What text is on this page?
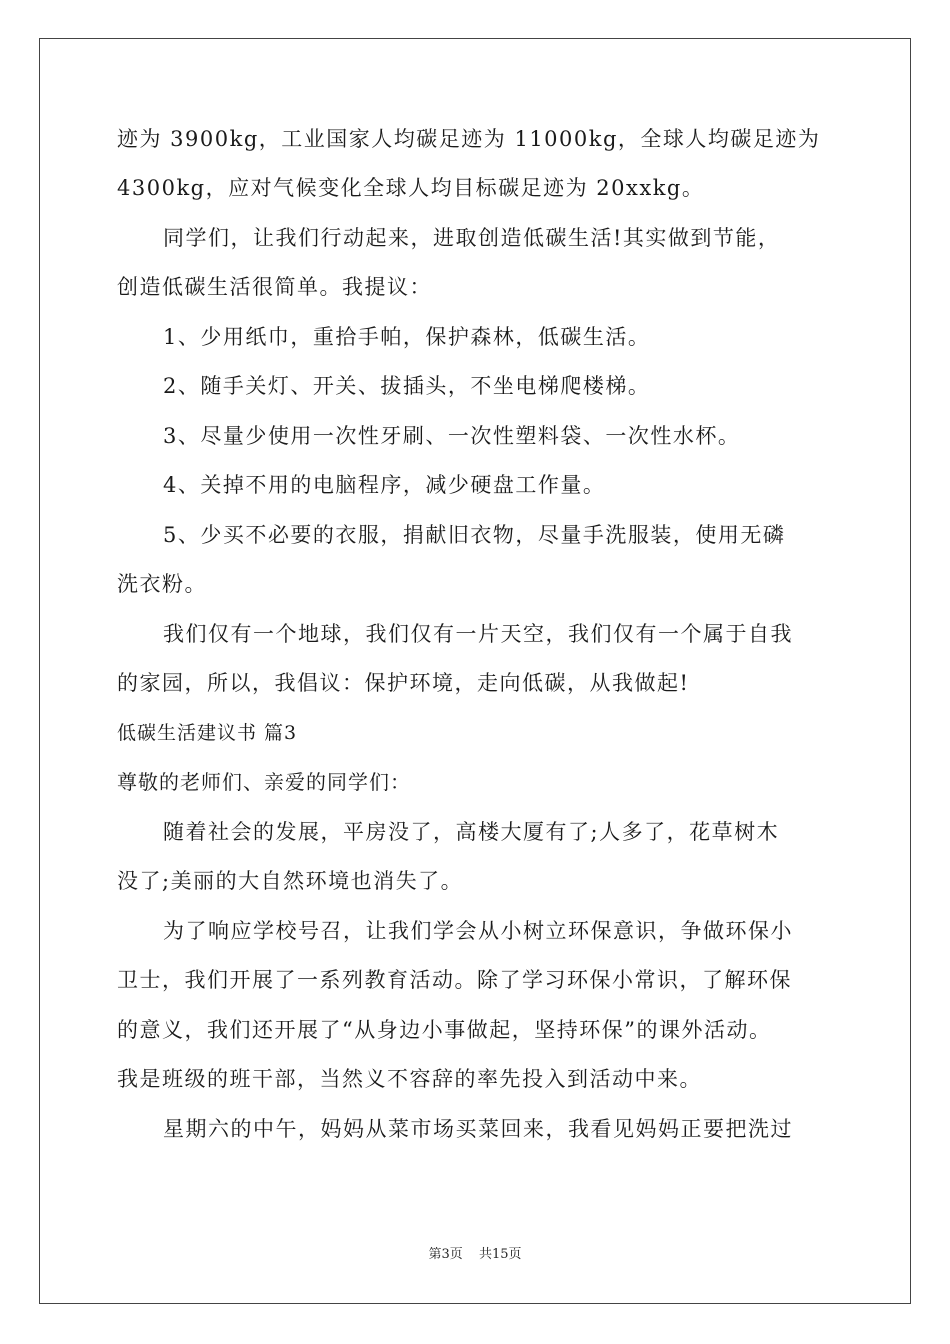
迹为 3900kg，工业国家人均碳足迹为 11000kg，全球人均碳足迹为
4300kg，应对气候变化全球人均目标碳足迹为 20xxkg。
同学们，让我们行动起来，进取创造低碳生活!其实做到节能，
创造低碳生活很简单。我提议：
1、少用纸巾，重拾手帕，保护森林，低碳生活。
2、随手关灯、开关、拔插头，不坐电梯爬楼梯。
3、尽量少使用一次性牙刷、一次性塑料袋、一次性水杯。
4、关掉不用的电脑程序，减少硬盘工作量。
5、少买不必要的衣服，捐献旧衣物，尽量手洗服装，使用无磷
洗衣粉。
我们仅有一个地球，我们仅有一片天空，我们仅有一个属于自我
的家园，所以，我倡议：保护环境，走向低碳，从我做起!
低碳生活建议书 篇3
尊敬的老师们、亲爱的同学们：
随着社会的发展，平房没了，高楼大厦有了;人多了，花草树木
没了;美丽的大自然环境也消失了。
为了响应学校号召，让我们学会从小树立环保意识，争做环保小
卫士，我们开展了一系列教育活动。除了学习环保小常识，了解环保
的意义，我们还开展了“从身边小事做起，坚持环保”的课外活动。
我是班级的班干部，当然义不容辞的率先投入到活动中来。
星期六的中午，妈妈从菜市场买菜回来，我看见妈妈正要把洗过
第3页 共15页
